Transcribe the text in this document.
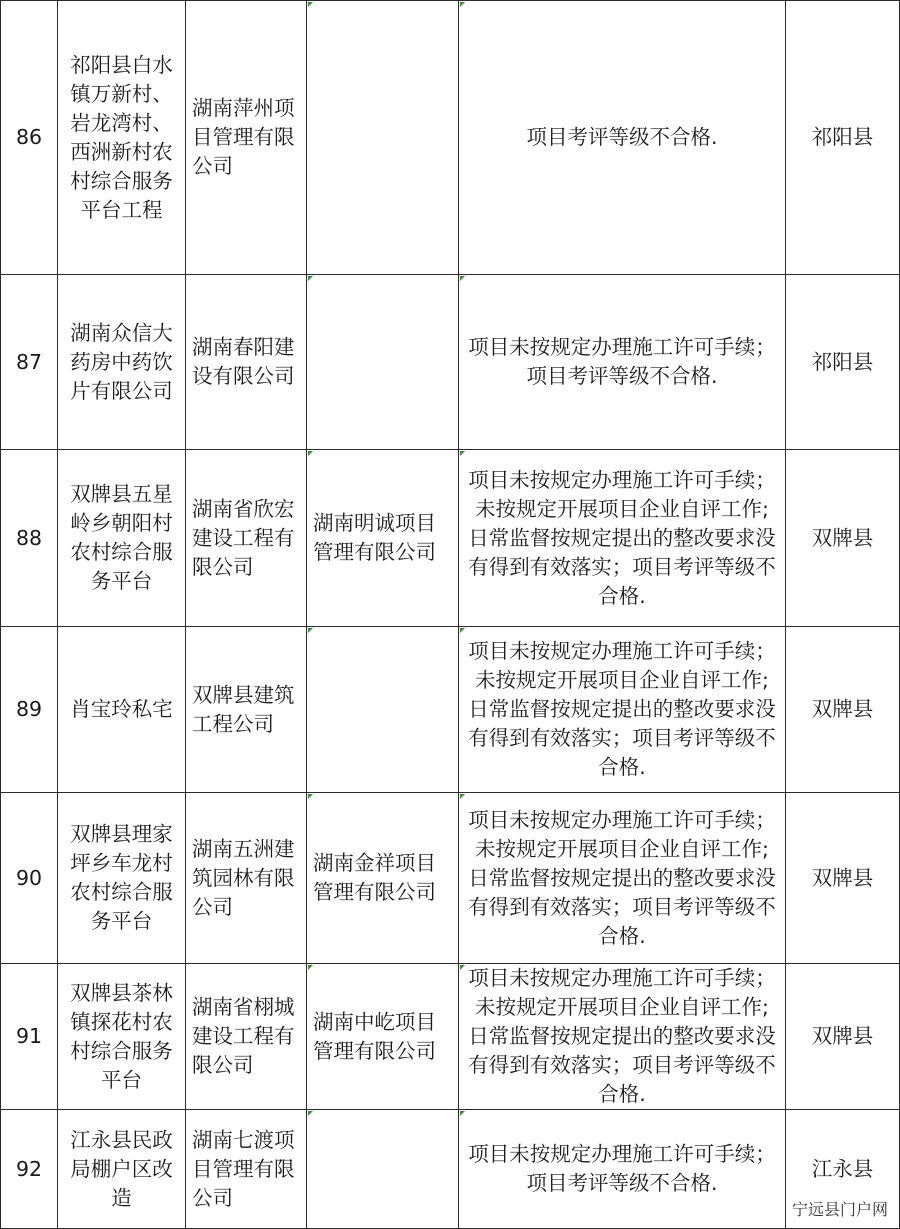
86	祁阳县白水镇万新村、岩龙湾村、西洲新村农村综合服务平台工程	湖南萍州项目管理有限公司		项目考评等级不合格.	祁阳县
87	湖南众信大药房中药饮片有限公司	湖南春阳建设有限公司		项目未按规定办理施工许可手续；项目考评等级不合格.	祁阳县
88	双牌县五星岭乡朝阳村农村综合服务平台	湖南省欣宏建设工程有限公司	湖南明诚项目管理有限公司	项目未按规定办理施工许可手续；未按规定开展项目企业自评工作;日常监督按规定提出的整改要求没有得到有效落实；项目考评等级不合格.	双牌县
89	肖宝玲私宅	双牌县建筑工程公司		项目未按规定办理施工许可手续；未按规定开展项目企业自评工作;日常监督按规定提出的整改要求没有得到有效落实；项目考评等级不合格.	双牌县
90	双牌县理家坪乡车龙村农村综合服务平台	湖南五洲建筑园林有限公司	湖南金祥项目管理有限公司	项目未按规定办理施工许可手续；未按规定开展项目企业自评工作;日常监督按规定提出的整改要求没有得到有效落实；项目考评等级不合格.	双牌县
91	双牌县茶林镇探花村农村综合服务平台	湖南省栩城建设工程有限公司	湖南中屹项目管理有限公司	项目未按规定办理施工许可手续；未按规定开展项目企业自评工作;日常监督按规定提出的整改要求没有得到有效落实；项目考评等级不合格.	双牌县
92	江永县民政局棚户区改造	湖南七渡项目管理有限公司		项目未按规定办理施工许可手续；项目考评等级不合格.	江永县
宁远县门户网
